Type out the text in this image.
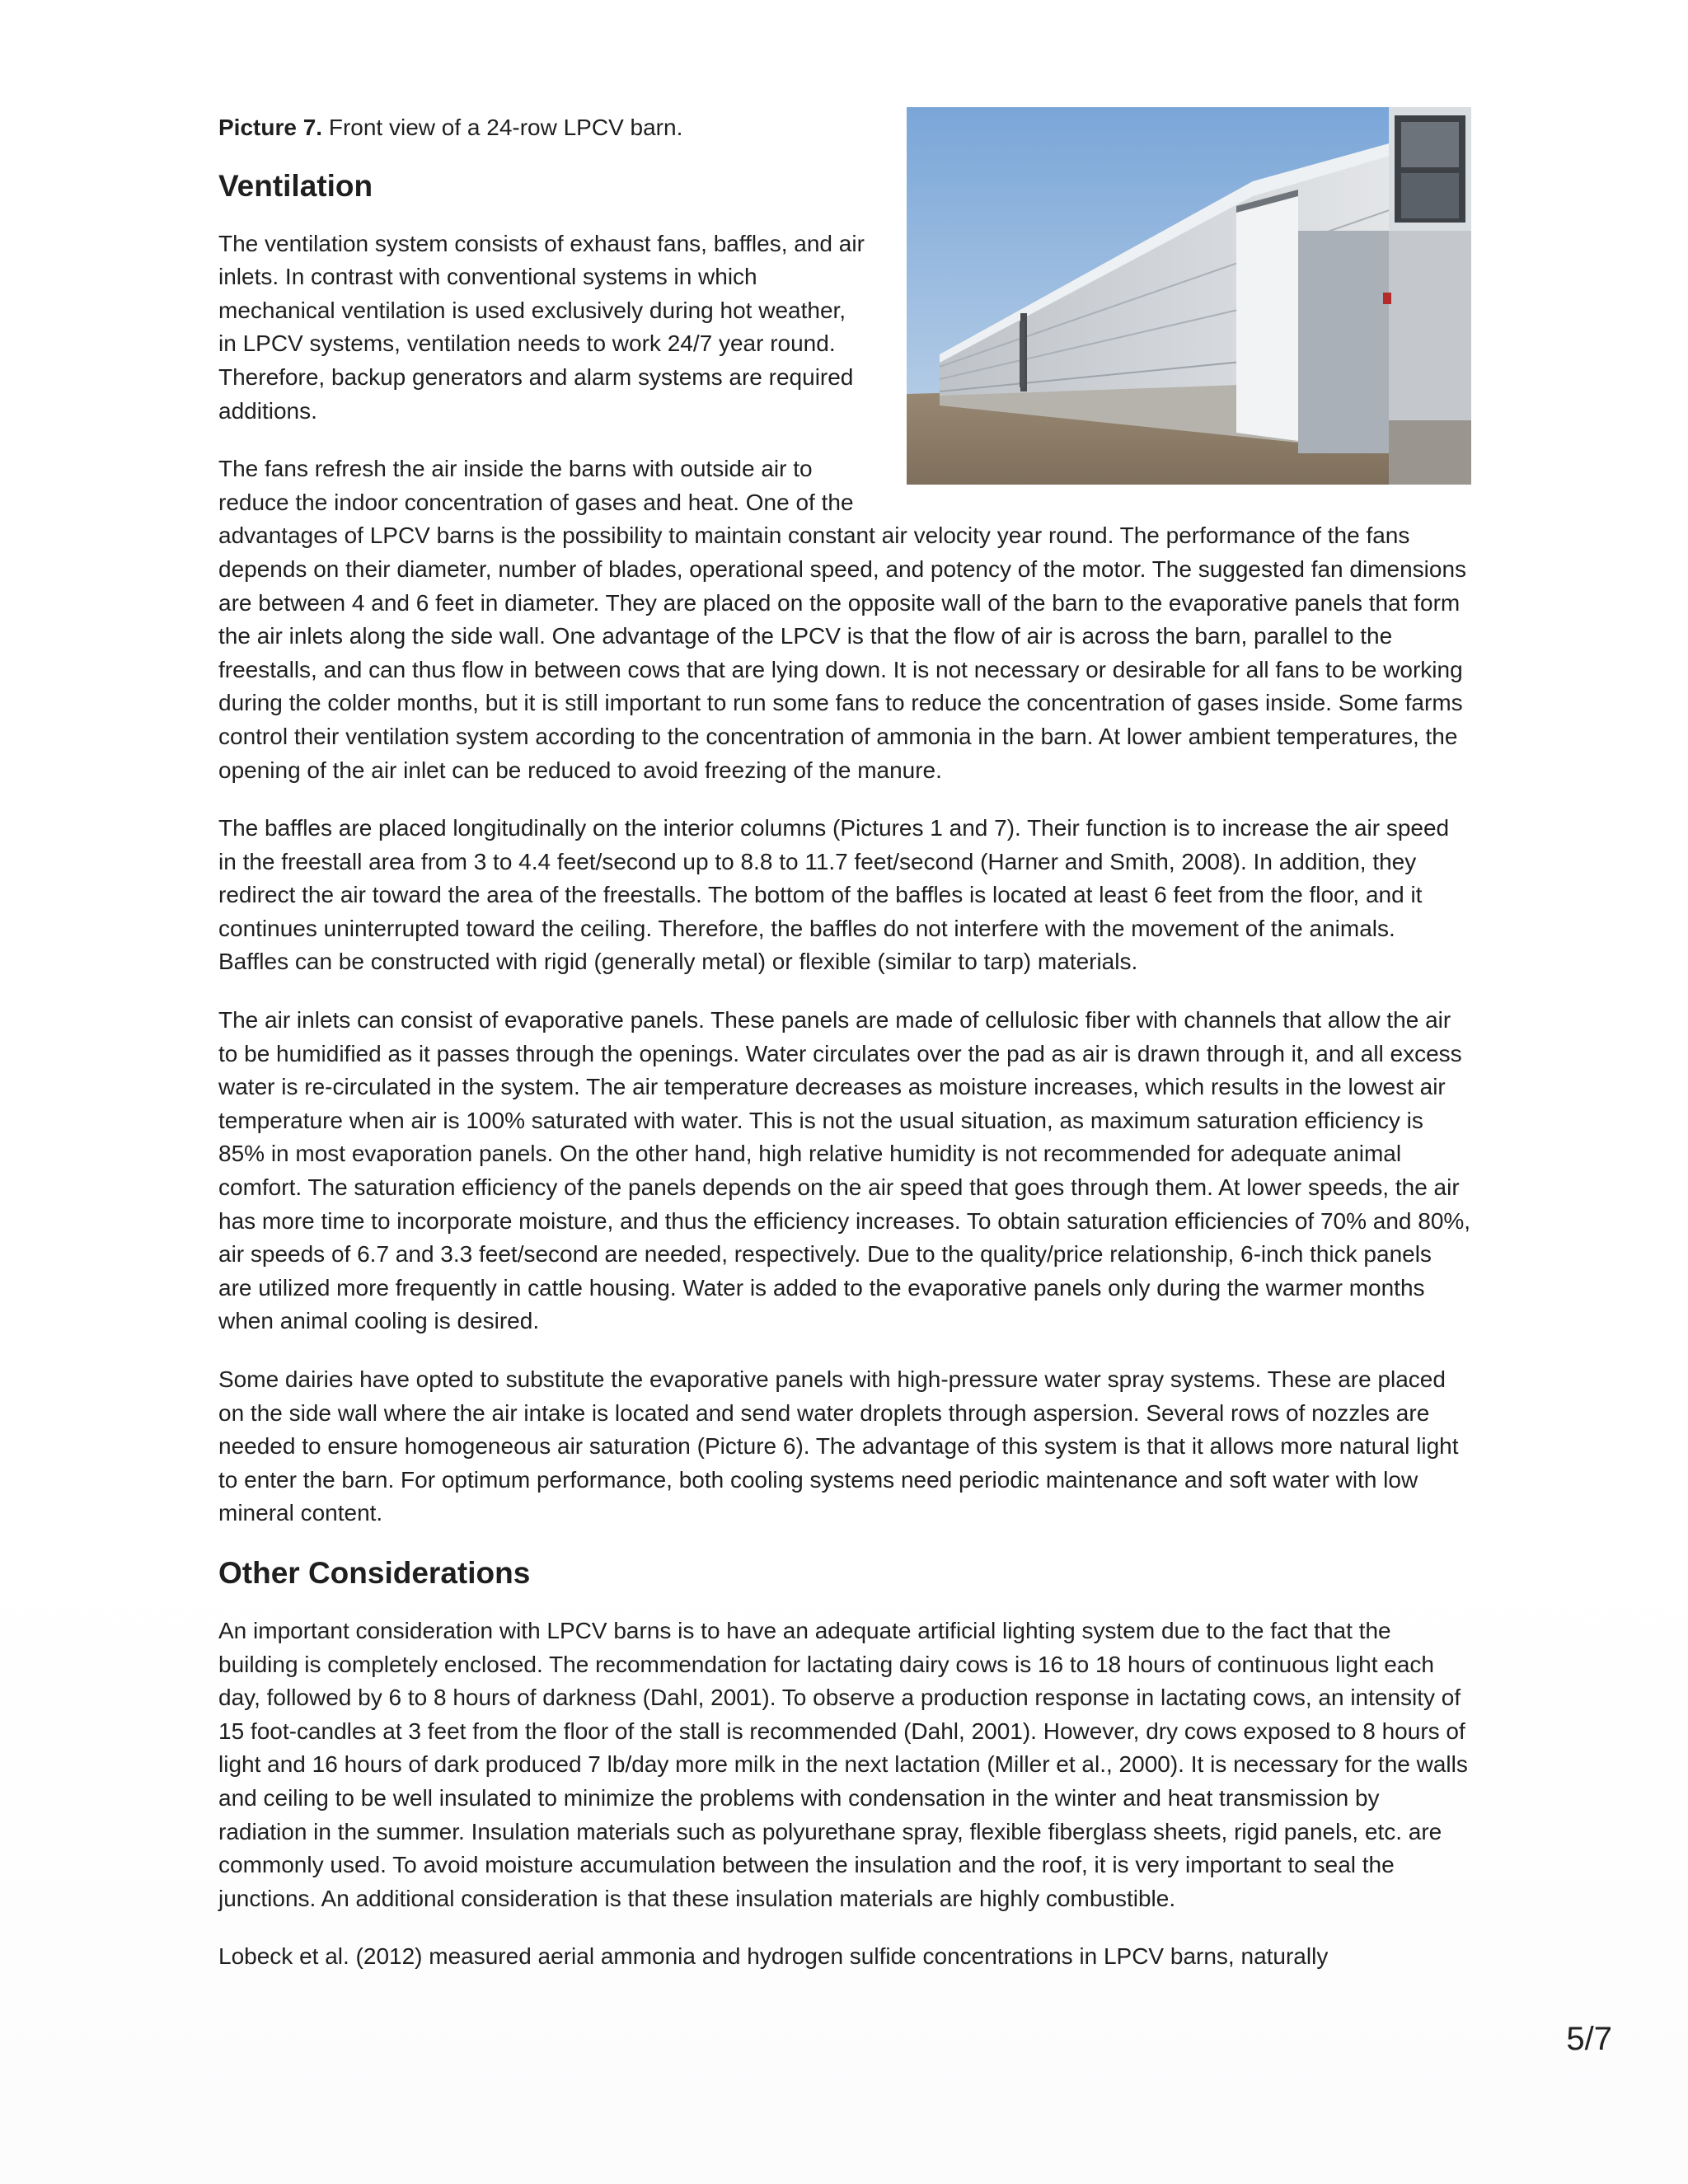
Picture 7. Front view of a 24-row LPCV barn.

Ventilation

The ventilation system consists of exhaust fans, baffles, and air inlets. In contrast with conventional systems in which mechanical ventilation is used exclusively during hot weather, in LPCV systems, ventilation needs to work 24/7 year round. Therefore, backup generators and alarm systems are required additions.

The fans refresh the air inside the barns with outside air to reduce the indoor concentration of gases and heat. One of the advantages of LPCV barns is the possibility to maintain constant air velocity year round. The performance of the fans depends on their diameter, number of blades, operational speed, and potency of the motor. The suggested fan dimensions are between 4 and 6 feet in diameter. They are placed on the opposite wall of the barn to the evaporative panels that form the air inlets along the side wall. One advantage of the LPCV is that the flow of air is across the barn, parallel to the freestalls, and can thus flow in between cows that are lying down. It is not necessary or desirable for all fans to be working during the colder months, but it is still important to run some fans to reduce the concentration of gases inside. Some farms control their ventilation system according to the concentration of ammonia in the barn. At lower ambient temperatures, the opening of the air inlet can be reduced to avoid freezing of the manure.

The baffles are placed longitudinally on the interior columns (Pictures 1 and 7). Their function is to increase the air speed in the freestall area from 3 to 4.4 feet/second up to 8.8 to 11.7 feet/second (Harner and Smith, 2008). In addition, they redirect the air toward the area of the freestalls. The bottom of the baffles is located at least 6 feet from the floor, and it continues uninterrupted toward the ceiling. Therefore, the baffles do not interfere with the movement of the animals. Baffles can be constructed with rigid (generally metal) or flexible (similar to tarp) materials.

The air inlets can consist of evaporative panels. These panels are made of cellulosic fiber with channels that allow the air to be humidified as it passes through the openings. Water circulates over the pad as air is drawn through it, and all excess water is re-circulated in the system. The air temperature decreases as moisture increases, which results in the lowest air temperature when air is 100% saturated with water. This is not the usual situation, as maximum saturation efficiency is 85% in most evaporation panels. On the other hand, high relative humidity is not recommended for adequate animal comfort. The saturation efficiency of the panels depends on the air speed that goes through them. At lower speeds, the air has more time to incorporate moisture, and thus the efficiency increases. To obtain saturation efficiencies of 70% and 80%, air speeds of 6.7 and 3.3 feet/second are needed, respectively. Due to the quality/price relationship, 6-inch thick panels are utilized more frequently in cattle housing. Water is added to the evaporative panels only during the warmer months when animal cooling is desired.

Some dairies have opted to substitute the evaporative panels with high-pressure water spray systems. These are placed on the side wall where the air intake is located and send water droplets through aspersion. Several rows of nozzles are needed to ensure homogeneous air saturation (Picture 6). The advantage of this system is that it allows more natural light to enter the barn. For optimum performance, both cooling systems need periodic maintenance and soft water with low mineral content.

Other Considerations

An important consideration with LPCV barns is to have an adequate artificial lighting system due to the fact that the building is completely enclosed. The recommendation for lactating dairy cows is 16 to 18 hours of continuous light each day, followed by 6 to 8 hours of darkness (Dahl, 2001). To observe a production response in lactating cows, an intensity of 15 foot-candles at 3 feet from the floor of the stall is recommended (Dahl, 2001). However, dry cows exposed to 8 hours of light and 16 hours of dark produced 7 lb/day more milk in the next lactation (Miller et al., 2000). It is necessary for the walls and ceiling to be well insulated to minimize the problems with condensation in the winter and heat transmission by radiation in the summer. Insulation materials such as polyurethane spray, flexible fiberglass sheets, rigid panels, etc. are commonly used. To avoid moisture accumulation between the insulation and the roof, it is very important to seal the junctions. An additional consideration is that these insulation materials are highly combustible.

Lobeck et al. (2012) measured aerial ammonia and hydrogen sulfide concentrations in LPCV barns, naturally

5/7
